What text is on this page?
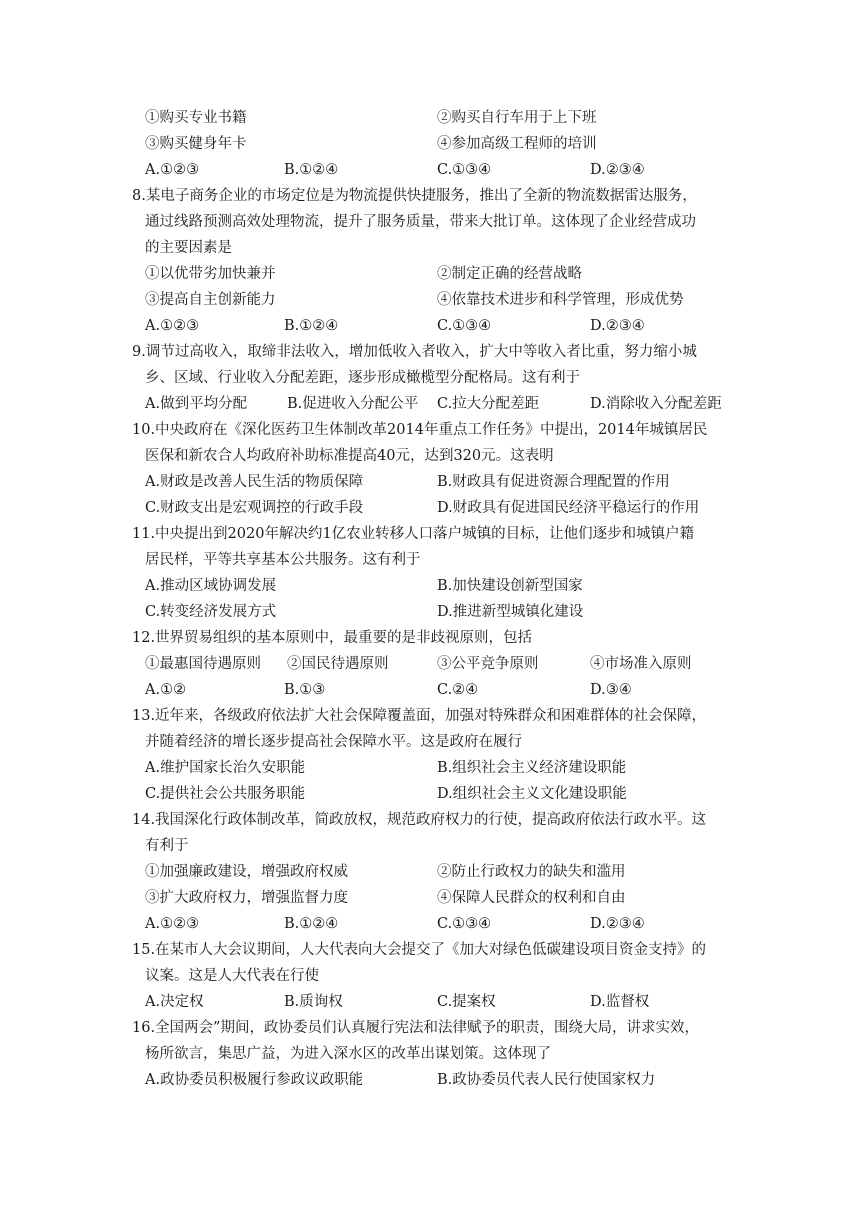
①购买专业书籍	②购买自行车用于上下班
③购买健身年卡	④参加高级工程师的培训
A.①②③	B.①②④	C.①③④	D.②③④
8.某电子商务企业的市场定位是为物流提供快捷服务，推出了全新的物流数据雷达服务，
通过线路预测高效处理物流，提升了服务质量，带来大批订单。这体现了企业经营成功
的主要因素是
①以优带劣加快兼并	②制定正确的经营战略
③提高自主创新能力	④依靠技术进步和科学管理，形成优势
A.①②③	B.①②④	C.①③④	D.②③④
9.调节过高收入，取缔非法收入，增加低收入者收入，扩大中等收入者比重，努力缩小城
乡、区域、行业收入分配差距，逐步形成橄榄型分配格局。这有利于
A.做到平均分配	B.促进收入分配公平 C.拉大分配差距	D.消除收入分配差距
10.中央政府在《深化医药卫生体制改革2014年重点工作任务》中提出，2014年城镇居民
医保和新农合人均政府补助标准提高40元，达到320元。这表明
A.财政是改善人民生活的物质保障	B.财政具有促进资源合理配置的作用
C.财政支出是宏观调控的行政手段	D.财政具有促进国民经济平稳运行的作用
11.中央提出到2020年解决约1亿农业转移人口落户城镇的目标，让他们逐步和城镇户籍
居民样，平等共享基本公共服务。这有利于
A.推动区域协调发展	B.加快建设创新型国家
C.转变经济发展方式	D.推进新型城镇化建设
12.世界贸易组织的基本原则中，最重要的是非歧视原则，包括
①最惠国待遇原则 ②国民待遇原则	③公平竞争原则	④市场准入原则
A.①②	B.①③	C.②④	D.③④
13.近年来，各级政府依法扩大社会保障覆盖面，加强对特殊群众和困难群体的社会保障，
并随着经济的增长逐步提高社会保障水平。这是政府在履行
A.维护国家长治久安职能	B.组织社会主义经济建设职能
C.提供社会公共服务职能	D.组织社会主义文化建设职能
14.我国深化行政体制改革，简政放权，规范政府权力的行使，提高政府依法行政水平。这
有利于
①加强廉政建设，增强政府权威	②防止行政权力的缺失和滥用
③扩大政府权力，增强监督力度	④保障人民群众的权利和自由
A.①②③	B.①②④	C.①③④	D.②③④
15.在某市人大会议期间，人大代表向大会提交了《加大对绿色低碳建设项目资金支持》的
议案。这是人大代表在行使
A.决定权	B.质询权	C.提案权	D.监督权
16.全国两会”期间，政协委员们认真履行宪法和法律赋予的职责，围绕大局，讲求实效，
杨所欲言，集思广益，为进入深水区的改革出谋划策。这体现了
A.政协委员积极履行参政议政职能	B.政协委员代表人民行使国家权力
